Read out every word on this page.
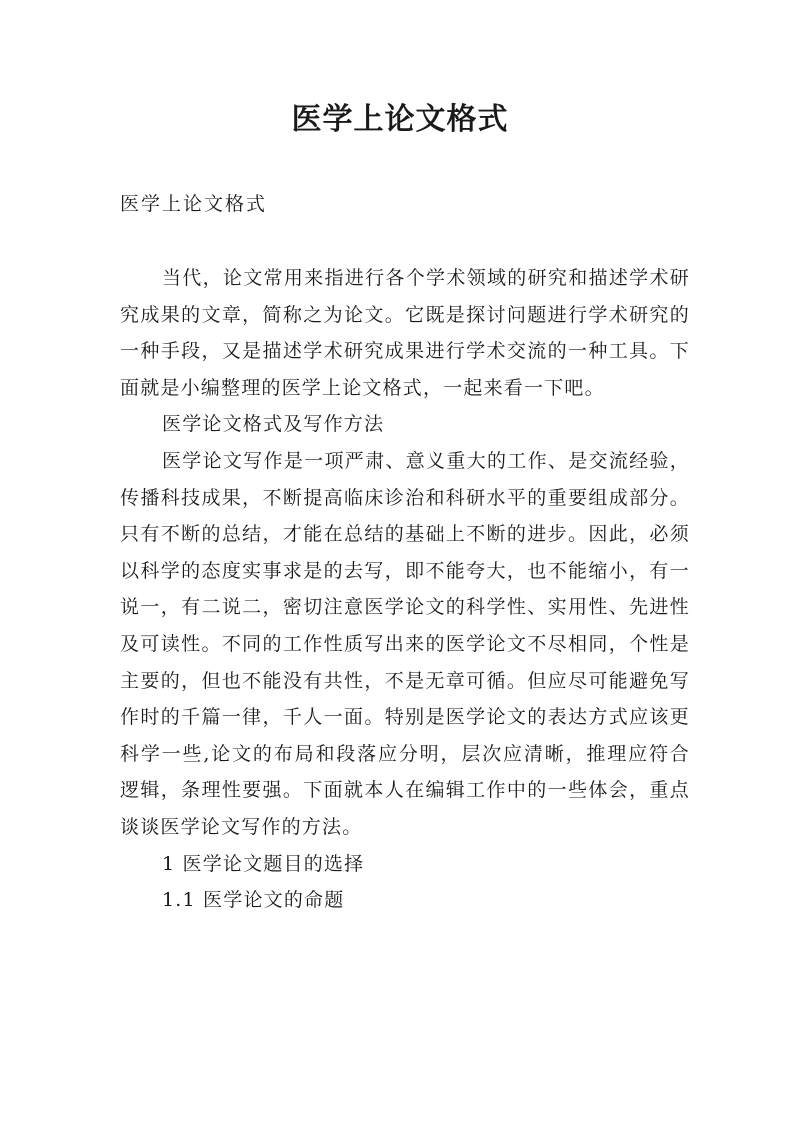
医学上论文格式

医学上论文格式

当代，论文常用来指进行各个学术领域的研究和描述学术研究成果的文章，简称之为论文。它既是探讨问题进行学术研究的一种手段，又是描述学术研究成果进行学术交流的一种工具。下面就是小编整理的医学上论文格式，一起来看一下吧。

医学论文格式及写作方法

医学论文写作是一项严肃、意义重大的工作、是交流经验，传播科技成果，不断提高临床诊治和科研水平的重要组成部分。只有不断的总结，才能在总结的基础上不断的进步。因此，必须以科学的态度实事求是的去写，即不能夸大，也不能缩小，有一说一，有二说二，密切注意医学论文的科学性、实用性、先进性及可读性。不同的工作性质写出来的医学论文不尽相同，个性是主要的，但也不能没有共性，不是无章可循。但应尽可能避免写作时的千篇一律，千人一面。特别是医学论文的表达方式应该更科学一些,论文的布局和段落应分明，层次应清晰，推理应符合逻辑，条理性要强。下面就本人在编辑工作中的一些体会，重点谈谈医学论文写作的方法。

1 医学论文题目的选择

1.1 医学论文的命题
